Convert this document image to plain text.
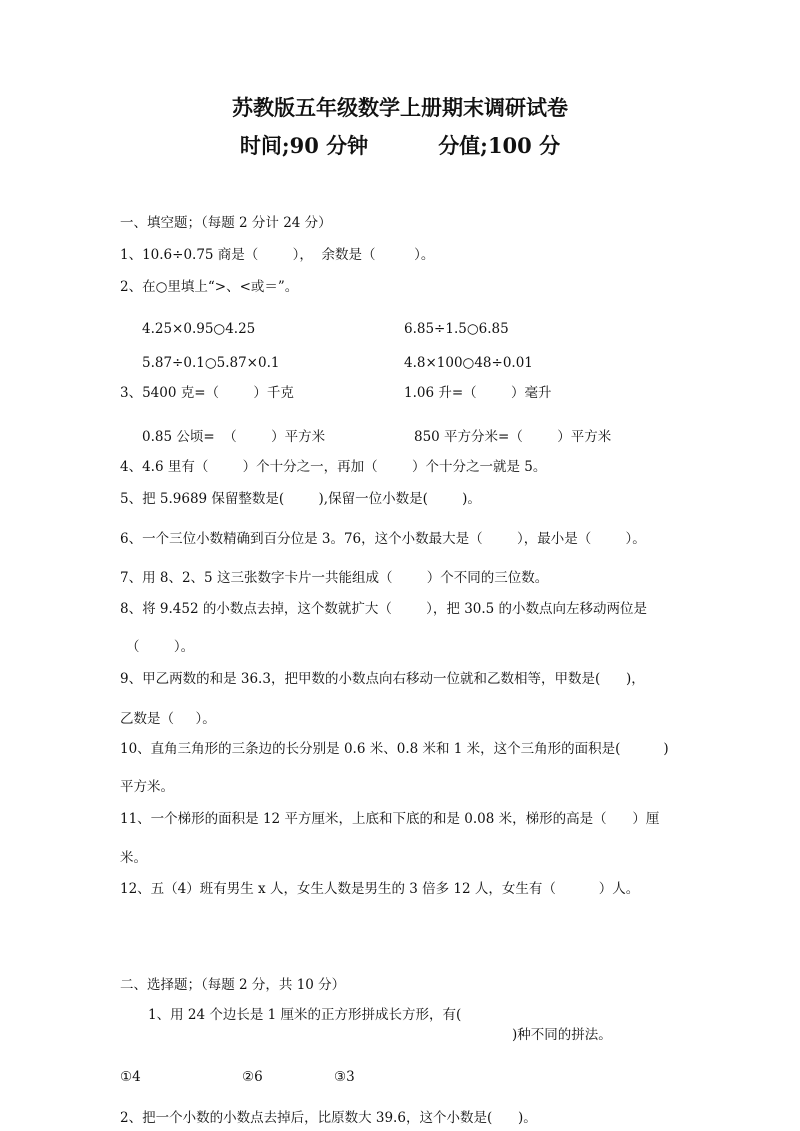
苏教版五年级数学上册期末调研试卷
时间;90 分钟	分值;100 分
一、填空题；（每题 2 分计 24 分）
1、10.6÷0.75 商是（        ），  余数是（         ）。
2、在○里填上“>、<或＝”。
4.25×0.95○4.25	6.85÷1.5○6.85
5.87÷0.1○5.87×0.1	4.8×100○48÷0.01
3、5400 克=（        ）千克	1.06 升=（        ）毫升
0.85 公顷=  （        ）平方米	850 平方分米=（        ）平方米
4、4.6 里有（        ）个十分之一，再加（        ）个十分之一就是 5。
5、把 5.9689 保留整数是(        ),保留一位小数是(        )。
6、一个三位小数精确到百分位是 3。76，这个小数最大是（        ），最小是（        ）。
7、用 8、2、5 这三张数字卡片一共能组成（        ）个不同的三位数。
8、将 9.452 的小数点去掉，这个数就扩大（        ），把 30.5 的小数点向左移动两位是
（        ）。
9、甲乙两数的和是 36.3，把甲数的小数点向右移动一位就和乙数相等，甲数是(      )，
乙数是（     ）。
10、直角三角形的三条边的长分别是 0.6 米、0.8 米和 1 米，这个三角形的面积是(          )
平方米。
11、一个梯形的面积是 12 平方厘米，上底和下底的和是 0.08 米，梯形的高是（      ）厘
米。
12、五（4）班有男生 x 人，女生人数是男生的 3 倍多 12 人，女生有（          ）人。
二、选择题；（每题 2 分，共 10 分）
1、用 24 个边长是 1 厘米的正方形拼成长方形，有(
)种不同的拼法。
①4	②6	③3
2、把一个小数的小数点去掉后，比原数大 39.6，这个小数是(      )。
